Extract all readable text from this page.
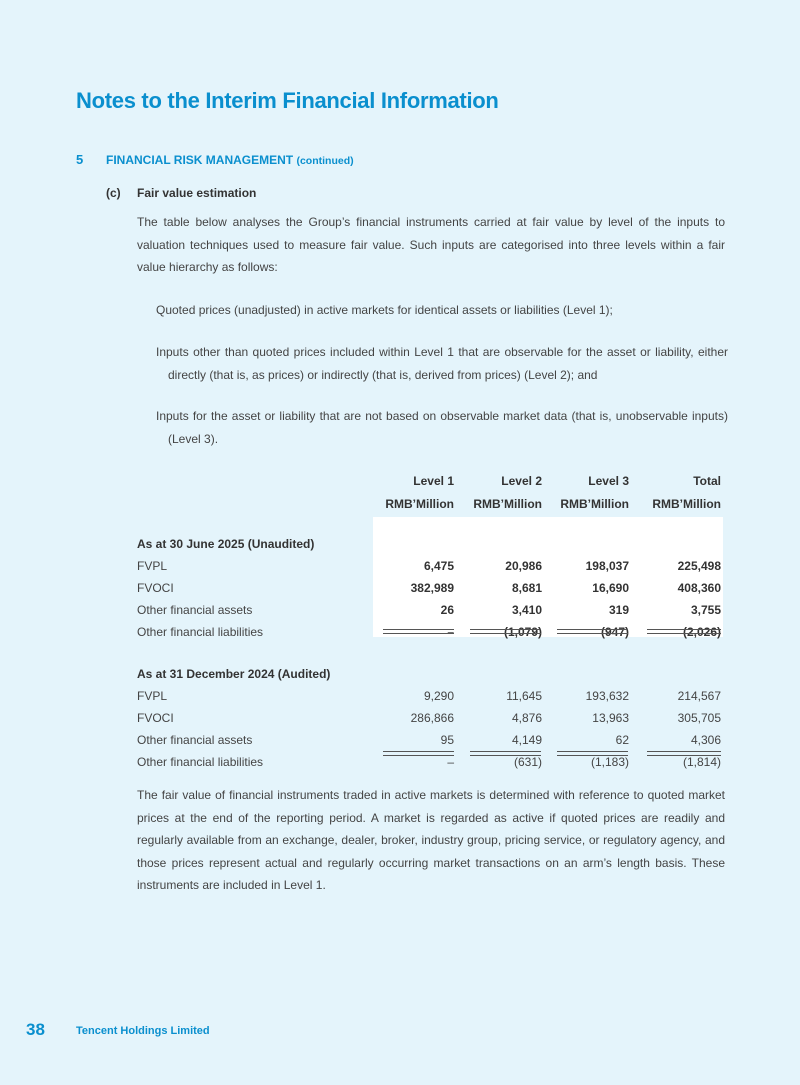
Notes to the Interim Financial Information
5 FINANCIAL RISK MANAGEMENT (continued)
(c) Fair value estimation
The table below analyses the Group’s financial instruments carried at fair value by level of the inputs to valuation techniques used to measure fair value. Such inputs are categorised into three levels within a fair value hierarchy as follows:
Quoted prices (unadjusted) in active markets for identical assets or liabilities (Level 1);
Inputs other than quoted prices included within Level 1 that are observable for the asset or liability, either directly (that is, as prices) or indirectly (that is, derived from prices) (Level 2); and
Inputs for the asset or liability that are not based on observable market data (that is, unobservable inputs) (Level 3).
Level 1	Level 2	Level 3	Total
RMB’Million RMB’Million RMB’Million RMB’Million
As at 30 June 2025 (Unaudited)
FVPL	6,475	20,986	198,037	225,498
FVOCI	382,989	8,681	16,690	408,360
Other financial assets	26	3,410	319	3,755
Other financial liabilities	–	(1,079)	(947)	(2,026)
As at 31 December 2024 (Audited)
FVPL	9,290	11,645	193,632	214,567
FVOCI	286,866	4,876	13,963	305,705
Other financial assets	95	4,149	62	4,306
Other financial liabilities	–	(631)	(1,183)	(1,814)
The fair value of financial instruments traded in active markets is determined with reference to quoted market prices at the end of the reporting period. A market is regarded as active if quoted prices are readily and regularly available from an exchange, dealer, broker, industry group, pricing service, or regulatory agency, and those prices represent actual and regularly occurring market transactions on an arm’s length basis. These instruments are included in Level 1.
38	Tencent Holdings Limited
